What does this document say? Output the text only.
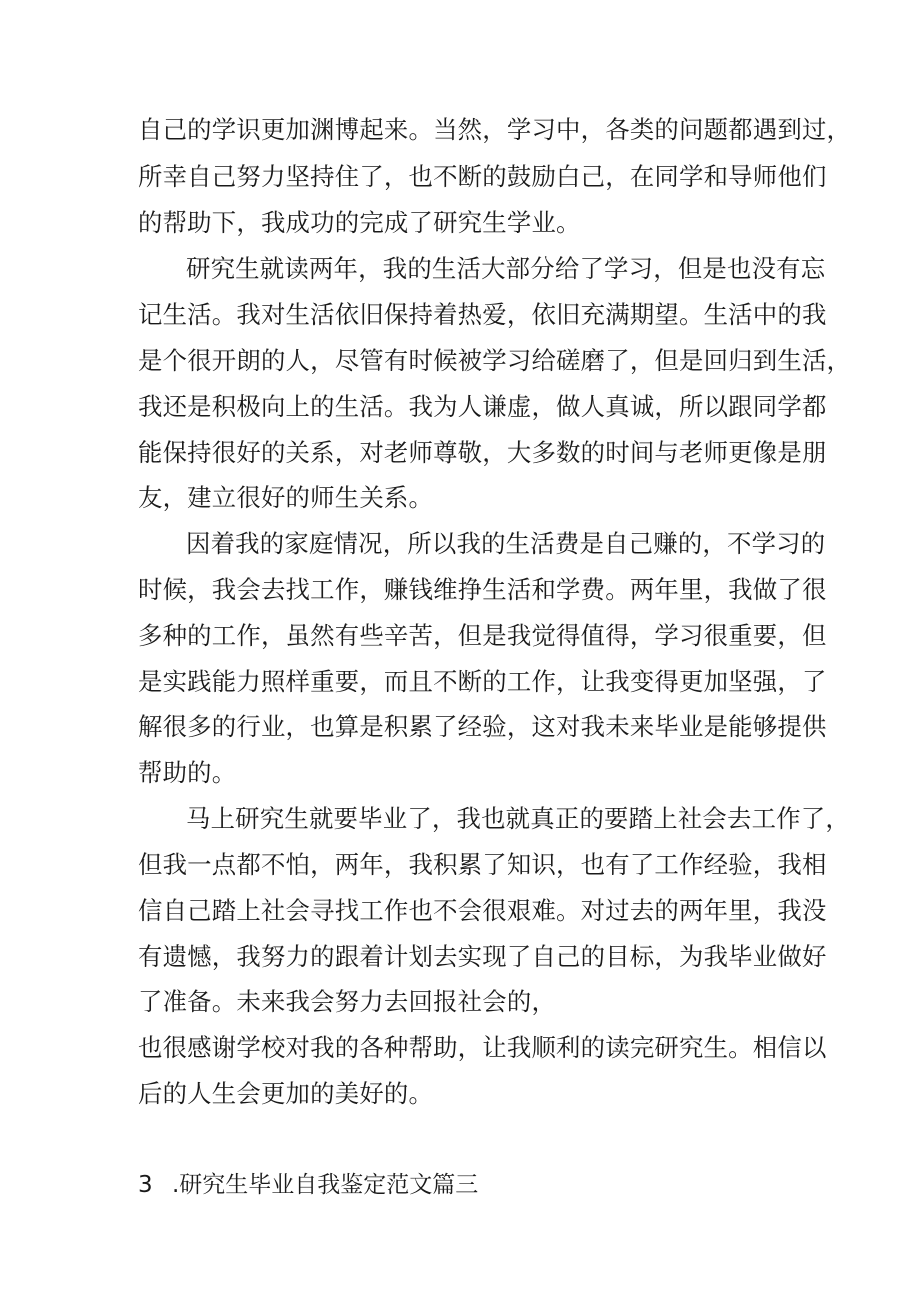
自己的学识更加渊博起来。当然，学习中，各类的问题都遇到过，
所幸自己努力坚持住了，也不断的鼓励白己，在同学和导师他们
的帮助下，我成功的完成了研究生学业。
研究生就读两年，我的生活大部分给了学习，但是也没有忘
记生活。我对生活依旧保持着热爱，依旧充满期望。生活中的我
是个很开朗的人，尽管有时候被学习给磋磨了，但是回归到生活，
我还是积极向上的生活。我为人谦虚，做人真诚，所以跟同学都
能保持很好的关系，对老师尊敬，大多数的时间与老师更像是朋
友，建立很好的师生关系。
因着我的家庭情况，所以我的生活费是自己赚的，不学习的
时候，我会去找工作，赚钱维挣生活和学费。两年里，我做了很
多种的工作，虽然有些辛苦，但是我觉得值得，学习很重要，但
是实践能力照样重要，而且不断的工作，让我变得更加坚强，了
解很多的行业，也算是积累了经验，这对我未来毕业是能够提供
帮助的。
马上研究生就要毕业了，我也就真正的要踏上社会去工作了，
但我一点都不怕，两年，我积累了知识，也有了工作经验，我相
信自己踏上社会寻找工作也不会很艰难。对过去的两年里，我没
有遗憾，我努力的跟着计划去实现了自己的目标，为我毕业做好
了准备。未来我会努力去回报社会的，
也很感谢学校对我的各种帮助，让我顺利的读完研究生。相信以
后的人生会更加的美好的。
3 .研究生毕业自我鉴定范文篇三
